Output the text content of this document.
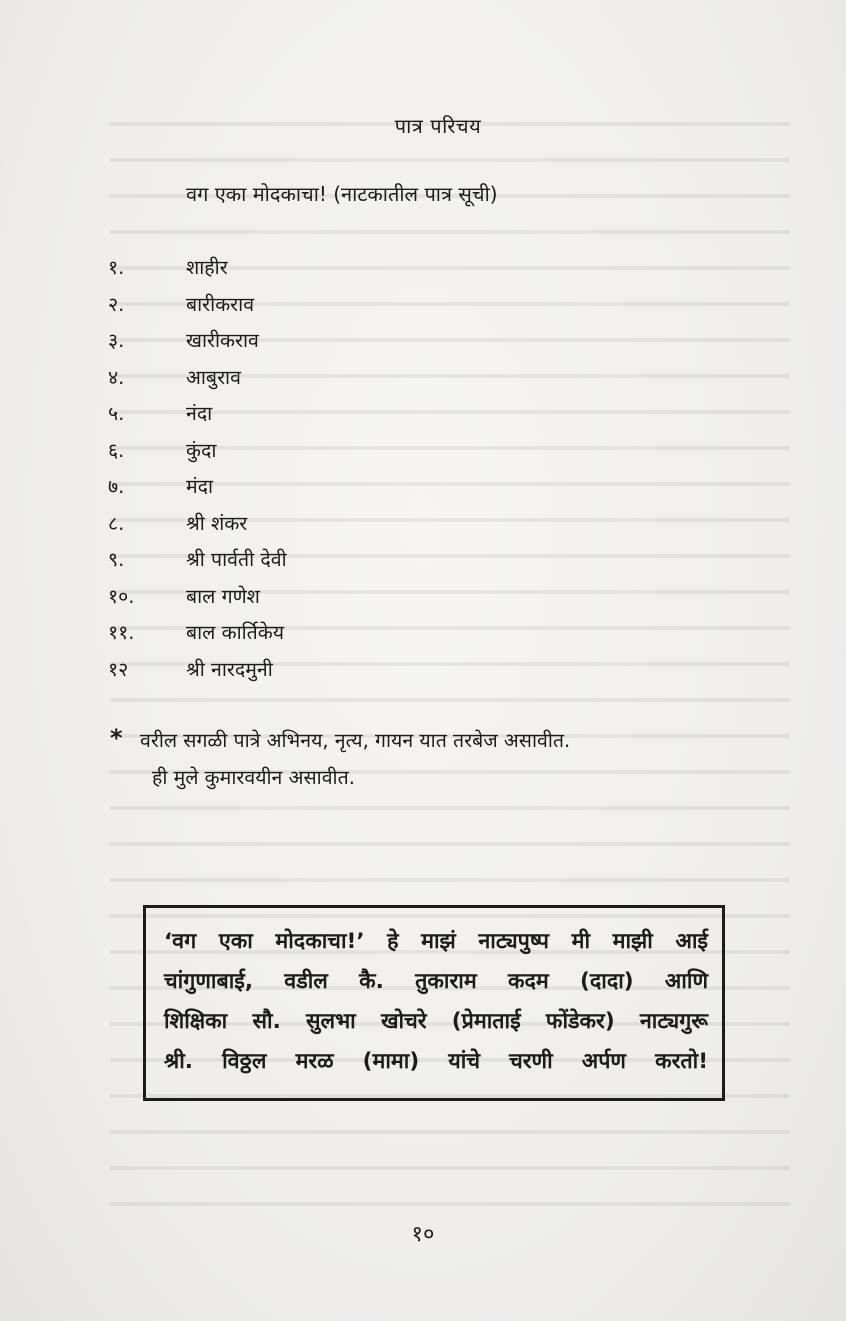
पात्र परिचय
वग एका मोदकाचा! (नाटकातील पात्र सूची)
१.	शाहीर
२.	बारीकराव
३.	खारीकराव
४.	आबुराव
५.	नंदा
६.	कुंदा
७.	मंदा
८.	श्री शंकर
९.	श्री पार्वती देवी
१०.	बाल गणेश
११.	बाल कार्तिकेय
१२	श्री नारदमुनी
* वरील सगळी पात्रे अभिनय, नृत्य, गायन यात तरबेज असावीत.
ही मुले कुमारवयीन असावीत.

‘वग एका मोदकाचा!’ हे माझं नाट्यपुष्प मी माझी आई

चांगुणाबाई, वडील कै. तुकाराम कदम (दादा) आणि

शिक्षिका सौ. सुलभा खोचरे (प्रेमाताई फोंडेकर) नाट्यगुरू

श्री. विठ्ठल मरळ (मामा) यांचे चरणी अर्पण करतो!

१०
